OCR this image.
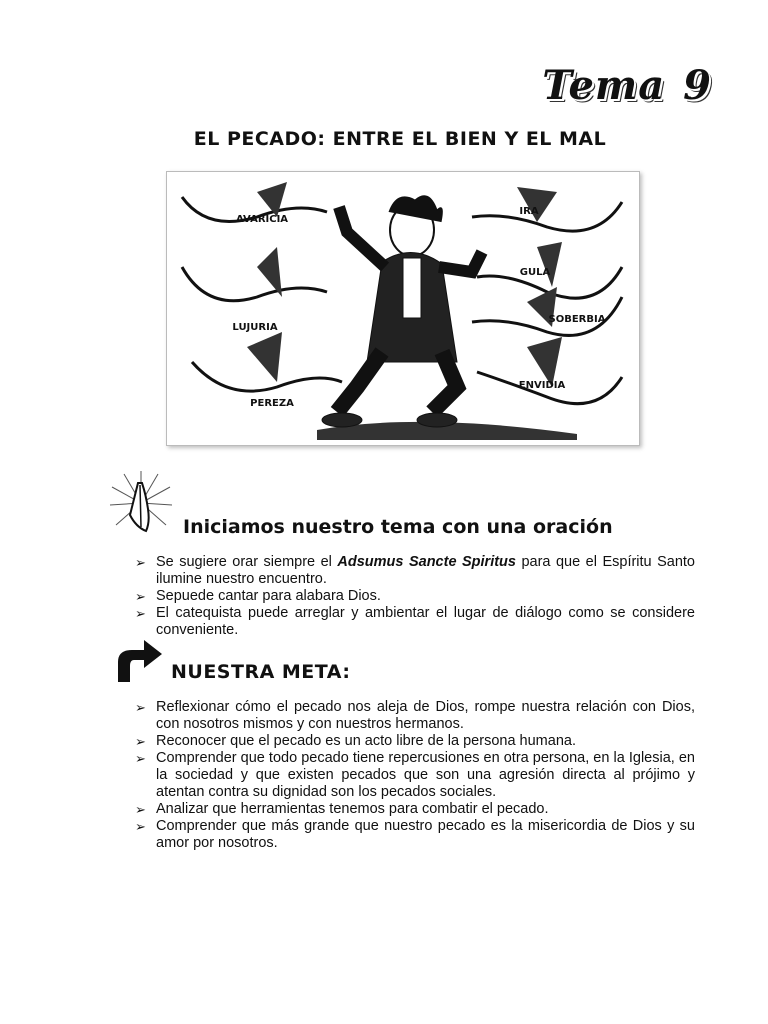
Tema 9
EL PECADO: ENTRE EL BIEN Y EL MAL
AVARICIA
IRA
GULA
LUJURIA
SOBERBIA
PEREZA
ENVIDIA
Iniciamos nuestro tema con una oración
➢ Se sugiere orar siempre el Adsumus Sancte Spiritus para que el Espíritu Santo ilumine nuestro encuentro.
➢ Sepuede cantar para alabara Dios.
➢ El catequista puede arreglar y ambientar el lugar de diálogo como se considere conveniente.
NUESTRA META:
➢ Reflexionar cómo el pecado nos aleja de Dios, rompe nuestra relación con Dios, con nosotros mismos y con nuestros hermanos.
➢ Reconocer que el pecado es un acto libre de la persona humana.
➢ Comprender que todo pecado tiene repercusiones en otra persona, en la Iglesia, en la sociedad y que existen pecados que son una agresión directa al prójimo y atentan contra su dignidad son los pecados sociales.
➢ Analizar que herramientas tenemos para combatir el pecado.
➢ Comprender que más grande que nuestro pecado es la misericordia de Dios y su amor por nosotros.
